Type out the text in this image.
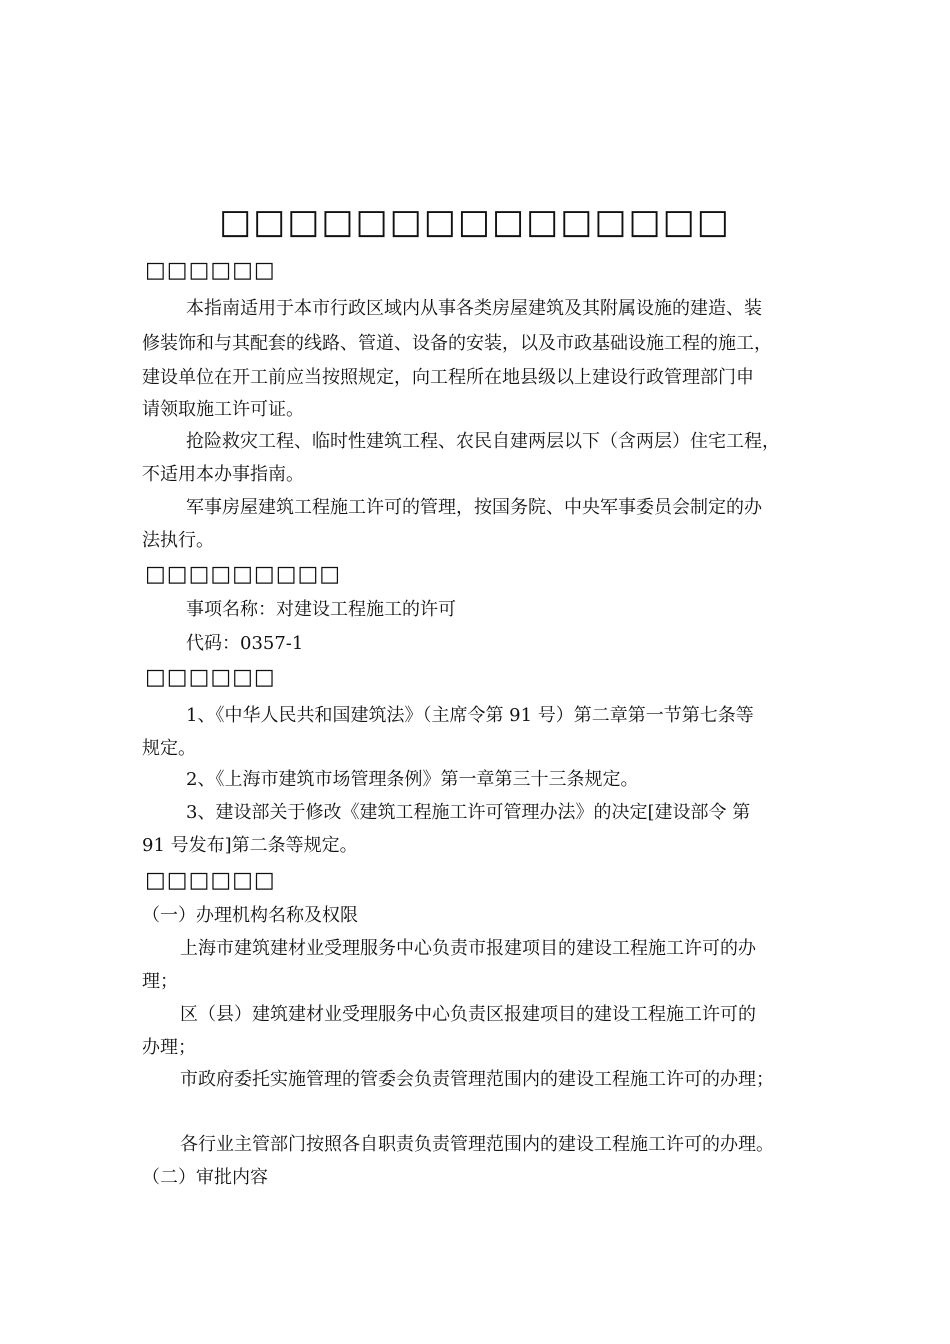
□□□□□□□□□□□□□□□
□□□□□□
本指南适用于本市行政区域内从事各类房屋建筑及其附属设施的建造、装
修装饰和与其配套的线路、管道、设备的安装，以及市政基础设施工程的施工，
建设单位在开工前应当按照规定，向工程所在地县级以上建设行政管理部门申
请领取施工许可证。
抢险救灾工程、临时性建筑工程、农民自建两层以下（含两层）住宅工程，
不适用本办事指南。
军事房屋建筑工程施工许可的管理，按国务院、中央军事委员会制定的办
法执行。
□□□□□□□□□
事项名称：对建设工程施工的许可
代码：0357-1
□□□□□□
1、《中华人民共和国建筑法》（主席令第 91 号）第二章第一节第七条等
规定。
2、《上海市建筑市场管理条例》第一章第三十三条规定。
3、建设部关于修改《建筑工程施工许可管理办法》的决定[建设部令 第
91 号发布]第二条等规定。
□□□□□□
（一）办理机构名称及权限
上海市建筑建材业受理服务中心负责市报建项目的建设工程施工许可的办
理；
区（县）建筑建材业受理服务中心负责区报建项目的建设工程施工许可的
办理；
市政府委托实施管理的管委会负责管理范围内的建设工程施工许可的办理；
各行业主管部门按照各自职责负责管理范围内的建设工程施工许可的办理。
（二）审批内容
